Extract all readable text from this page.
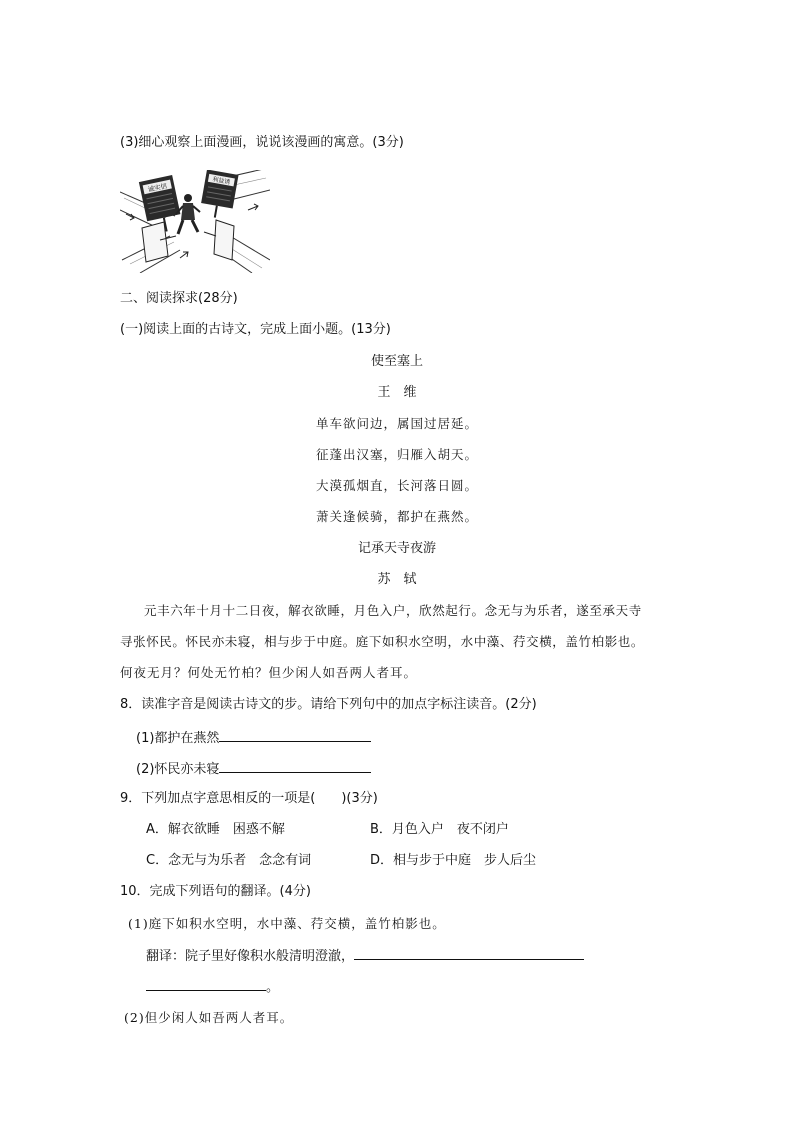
(3)细心观察上面漫画，说说该漫画的寓意。(3分)
诚实信
利益诱
二、阅读探求(28分)
(一)阅读上面的古诗文，完成上面小题。(13分)
使至塞上
王　维
单车欲问边，属国过居延。
征蓬出汉塞，归雁入胡天。
大漠孤烟直，长河落日圆。
萧关逢候骑，都护在燕然。
记承天寺夜游
苏　轼
元丰六年十月十二日夜，解衣欲睡，月色入户，欣然起行。念无与为乐者，遂至承天寺
寻张怀民。怀民亦未寝，相与步于中庭。庭下如积水空明，水中藻、荇交横，盖竹柏影也。
何夜无月？何处无竹柏？但少闲人如吾两人者耳。
8．读准字音是阅读古诗文的步。请给下列句中的加点字标注读音。(2分)
(1)都护在燕然
(2)怀民亦未寝
9．下列加点字意思相反的一项是(　　)(3分)
A．解衣欲睡　困惑不解	B．月色入户　夜不闭户
C．念无与为乐者　念念有词	D．相与步于中庭　步人后尘
10．完成下列语句的翻译。(4分)
(1)庭下如积水空明，水中藻、荇交横，盖竹柏影也。
翻译：院子里好像积水般清明澄澈，
。
(2)但少闲人如吾两人者耳。
